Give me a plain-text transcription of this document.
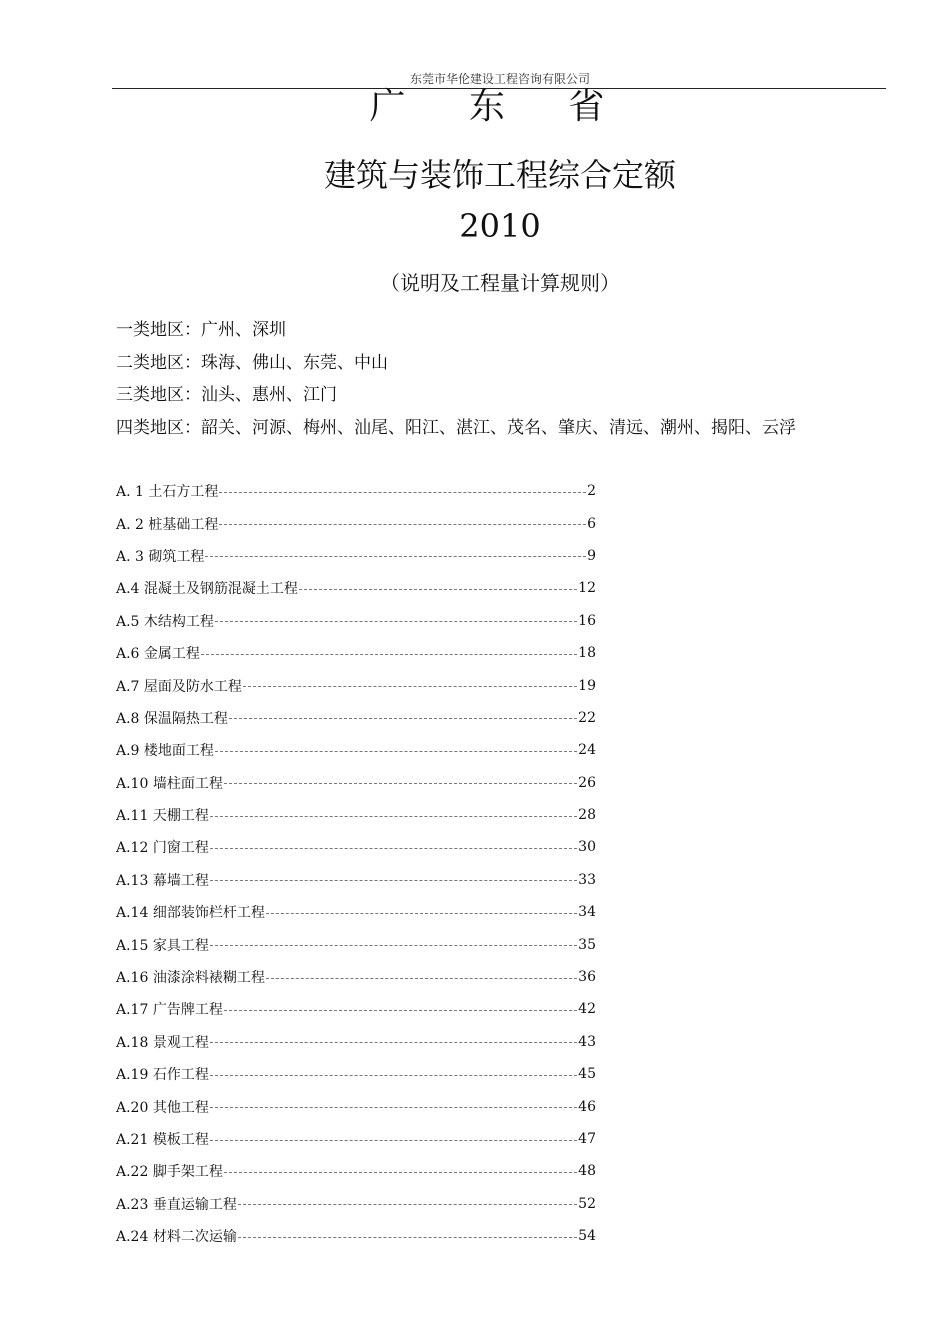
东莞市华伦建设工程咨询有限公司
广 东 省
建筑与装饰工程综合定额
2010
（说明及工程量计算规则）
一类地区：广州、深圳
二类地区：珠海、佛山、东莞、中山
三类地区：汕头、惠州、江门
四类地区：韶关、河源、梅州、汕尾、阳江、湛江、茂名、肇庆、清远、潮州、揭阳、云浮
A. 1 土石方工程	2
A. 2 桩基础工程	6
A. 3 砌筑工程	9
A.4 混凝土及钢筋混凝土工程	12
A.5 木结构工程	16
A.6 金属工程	18
A.7 屋面及防水工程	19
A.8 保温隔热工程	22
A.9 楼地面工程	24
A.10 墙柱面工程	26
A.11 天棚工程	28
A.12 门窗工程	30
A.13 幕墙工程	33
A.14 细部装饰栏杆工程	34
A.15 家具工程	35
A.16 油漆涂料裱糊工程	36
A.17 广告牌工程	42
A.18 景观工程	43
A.19 石作工程	45
A.20 其他工程	46
A.21 模板工程	47
A.22 脚手架工程	48
A.23 垂直运输工程	52
A.24 材料二次运输	54
